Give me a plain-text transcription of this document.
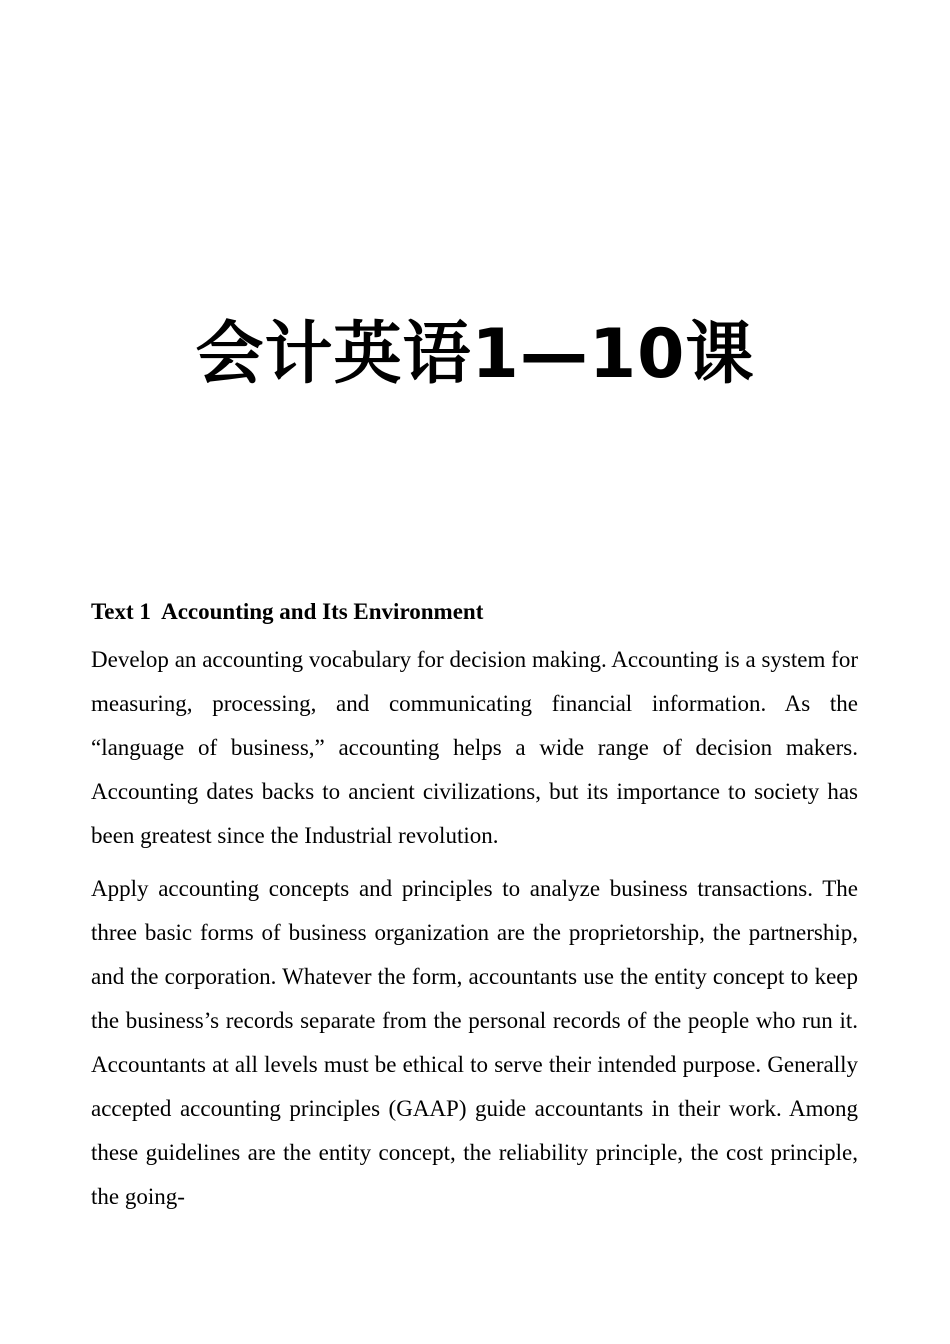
会计英语1—10课
Text 1  Accounting and Its Environment

Develop an accounting vocabulary for decision making. Accounting is a system for measuring, processing, and communicating financial information. As the “language of business,” accounting helps a wide range of decision makers. Accounting dates backs to ancient civilizations, but its importance to society has been greatest since the Industrial revolution.

Apply accounting concepts and principles to analyze business transactions. The three basic forms of business organization are the proprietorship, the partnership, and the corporation. Whatever the form, accountants use the entity concept to keep the business’s records separate from the personal records of the people who run it. Accountants at all levels must be ethical to serve their intended purpose. Generally accepted accounting principles (GAAP) guide accountants in their work. Among these guidelines are the entity concept, the reliability principle, the cost principle, the going-
